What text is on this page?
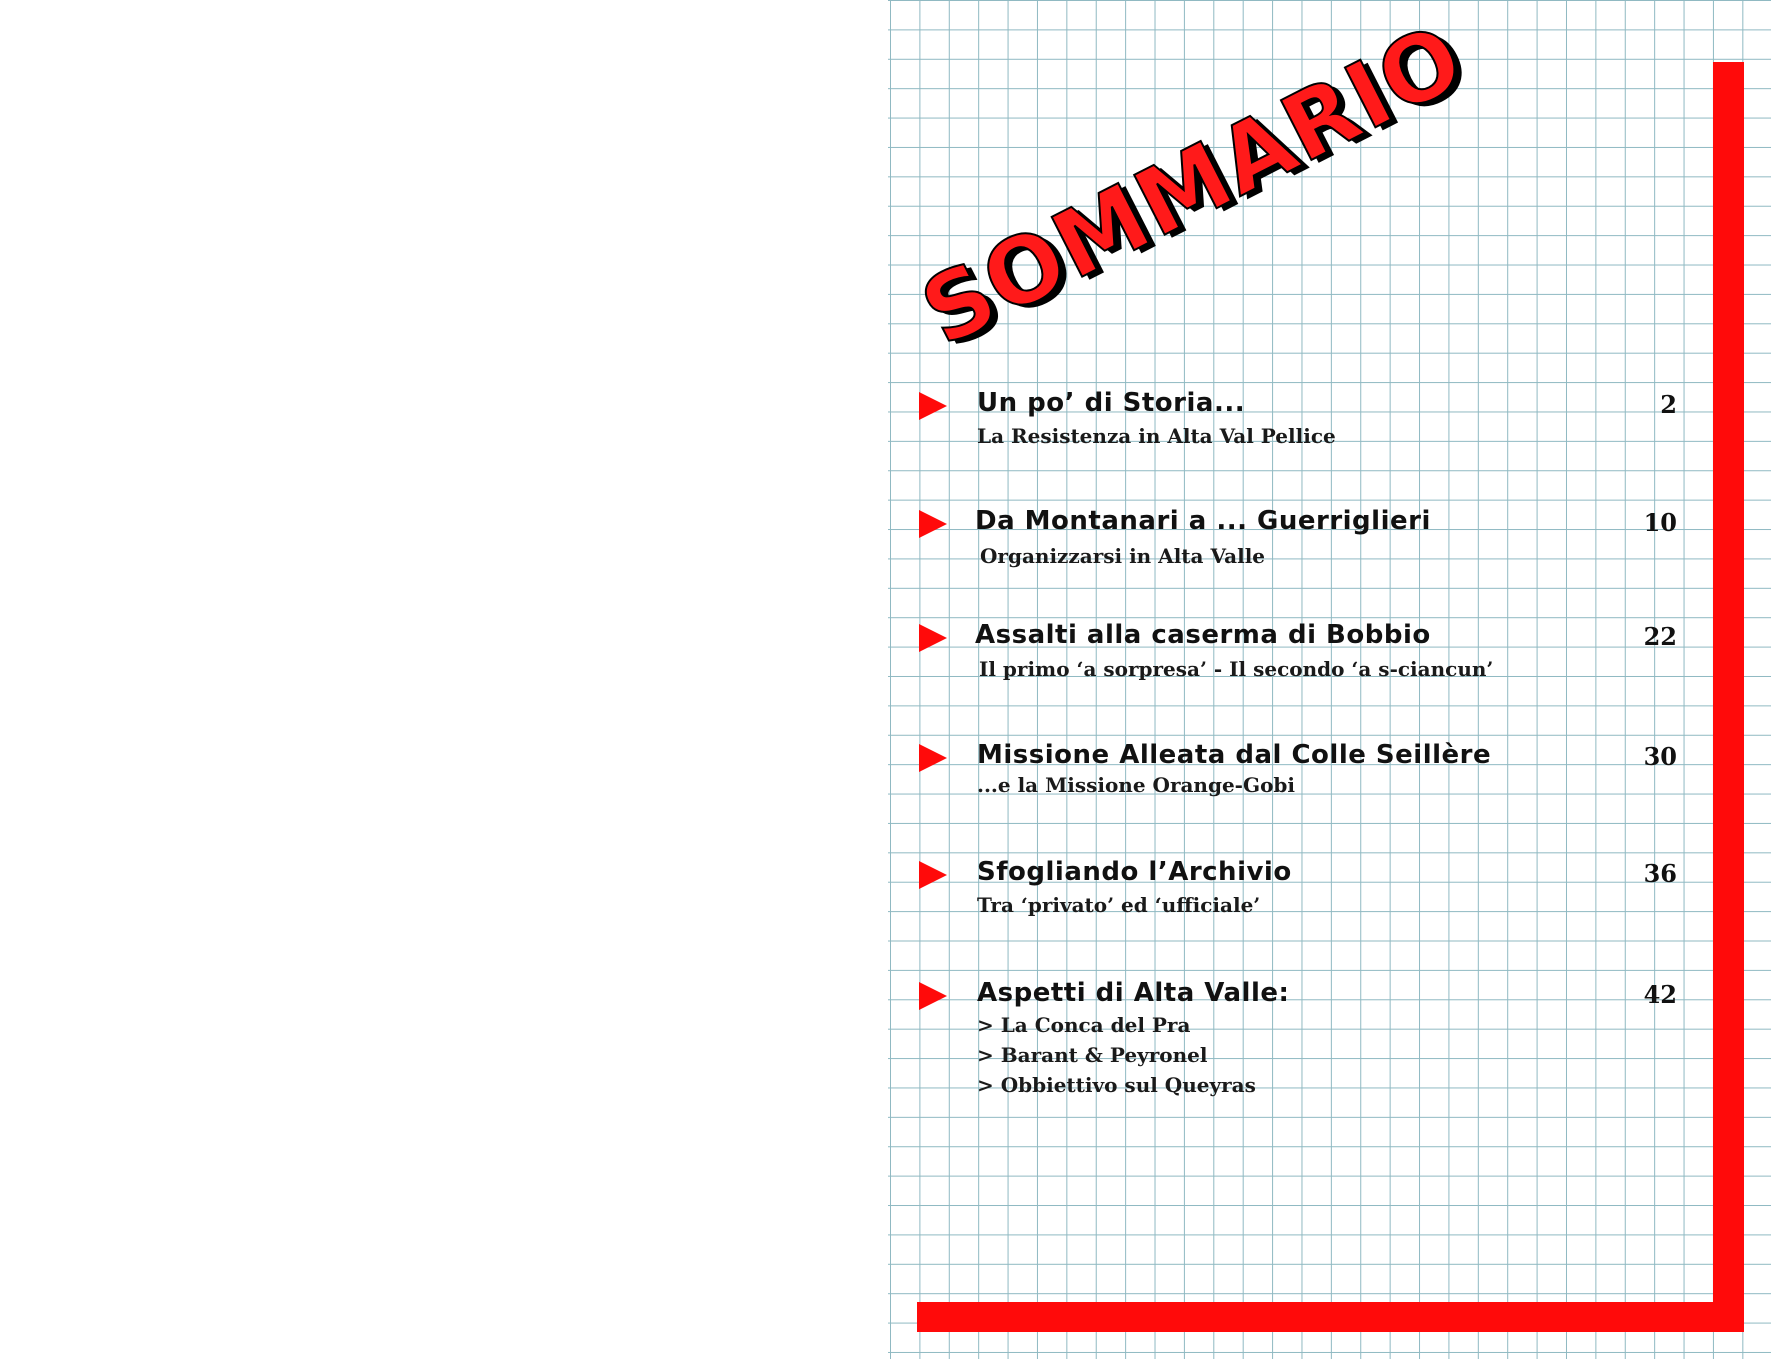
SOMMARIO
Un po’ di Storia...	2
La Resistenza in Alta Val Pellice
Da Montanari a ... Guerriglieri	10
Organizzarsi in Alta Valle
Assalti alla caserma di Bobbio	22
Il primo ‘a sorpresa’ - Il secondo ‘a s-ciancun’
Missione Alleata dal Colle Seillère	30
...e la Missione Orange-Gobi
Sfogliando l’Archivio	36
Tra ‘privato’ ed ‘ufficiale’
Aspetti di Alta Valle:	42
> La Conca del Pra
> Barant & Peyronel
> Obbiettivo sul Queyras
